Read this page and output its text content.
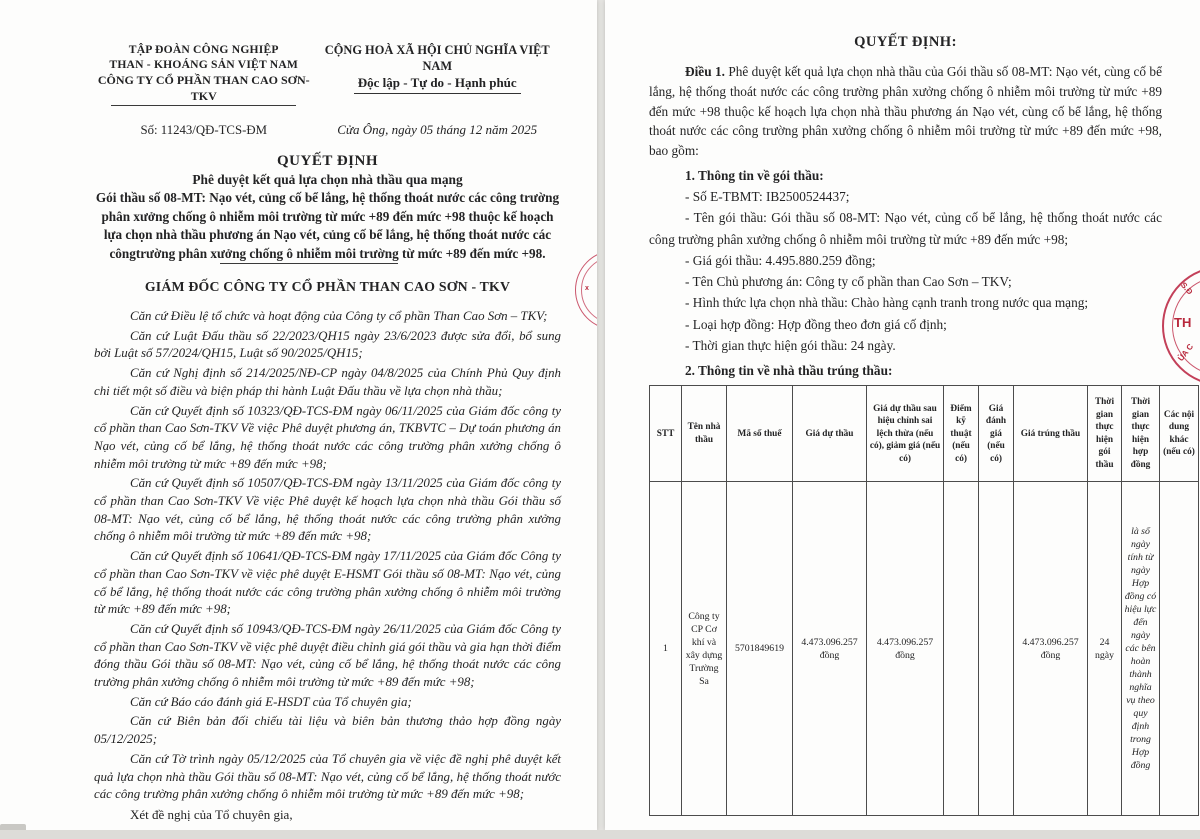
TẬP ĐOÀN CÔNG NGHIỆP
THAN - KHOÁNG SẢN VIỆT NAM
CÔNG TY CỔ PHẦN THAN CAO SƠN-TKV
CỘNG HOÀ XÃ HỘI CHỦ NGHĨA VIỆT NAM
Độc lập - Tự do - Hạnh phúc
Số: 11243/QĐ-TCS-ĐM	Cửa Ông, ngày 05 tháng 12 năm 2025
QUYẾT ĐỊNH
Phê duyệt kết quả lựa chọn nhà thầu qua mạng
Gói thầu số 08-MT: Nạo vét, củng cố bể lắng, hệ thống thoát nước các công trường phân xưởng chống ô nhiễm môi trường từ mức +89 đến mức +98 thuộc kế hoạch lựa chọn nhà thầu phương án Nạo vét, củng cố bể lắng, hệ thống thoát nước các côngtrường phân xưởng chống ô nhiễm môi trường từ mức +89 đến mức +98.
GIÁM ĐỐC CÔNG TY CỔ PHẦN THAN CAO SƠN - TKV

Căn cứ Điều lệ tổ chức và hoạt động của Công ty cổ phần Than Cao Sơn – TKV;

Căn cứ Luật Đấu thầu số 22/2023/QH15 ngày 23/6/2023 được sửa đổi, bổ sung bởi Luật số 57/2024/QH15, Luật số 90/2025/QH15;

Căn cứ Nghị định số 214/2025/NĐ-CP ngày 04/8/2025 của Chính Phủ Quy định chi tiết một số điều và biện pháp thi hành Luật Đấu thầu về lựa chọn nhà thầu;

Căn cứ Quyết định số 10323/QĐ-TCS-ĐM ngày 06/11/2025 của Giám đốc công ty cổ phần than Cao Sơn-TKV Về việc Phê duyệt phương án, TKBVTC – Dự toán phương án Nạo vét, củng cố bể lắng, hệ thống thoát nước các công trường phân xưởng chống ô nhiễm môi trường từ mức +89 đến mức +98;

Căn cứ Quyết định số 10507/QĐ-TCS-ĐM ngày 13/11/2025 của Giám đốc công ty cổ phần than Cao Sơn-TKV Về việc Phê duyệt kế hoạch lựa chọn nhà thầu Gói thầu số 08-MT: Nạo vét, củng cố bể lắng, hệ thống thoát nước các công trường phân xưởng chống ô nhiễm môi trường từ mức +89 đến mức +98;

Căn cứ Quyết định số 10641/QĐ-TCS-ĐM ngày 17/11/2025 của Giám đốc Công ty cổ phần than Cao Sơn-TKV về việc phê duyệt E-HSMT Gói thầu số 08-MT: Nạo vét, củng cố bể lắng, hệ thống thoát nước các công trường phân xưởng chống ô nhiễm môi trường từ mức +89 đến mức +98;

Căn cứ Quyết định số 10943/QĐ-TCS-ĐM ngày 26/11/2025 của Giám đốc Công ty cổ phần than Cao Sơn-TKV về việc phê duyệt điều chỉnh giá gói thầu và gia hạn thời điểm đóng thầu Gói thầu số 08-MT: Nạo vét, củng cố bể lắng, hệ thống thoát nước các công trường phân xưởng chống ô nhiễm môi trường từ mức +89 đến mức +98;

Căn cứ Báo cáo đánh giá E-HSDT của Tổ chuyên gia;

Căn cứ Biên bản đối chiếu tài liệu và biên bản thương thảo hợp đồng ngày 05/12/2025;

Căn cứ Tờ trình ngày 05/12/2025 của Tổ chuyên gia về việc đề nghị phê duyệt kết quả lựa chọn nhà thầu Gói thầu số 08-MT: Nạo vét, củng cố bể lắng, hệ thống thoát nước các công trường phân xưởng chống ô nhiễm môi trường từ mức +89 đến mức +98;

Xét đề nghị của Tổ chuyên gia,

x
QUYẾT ĐỊNH:

Điều 1. Phê duyệt kết quả lựa chọn nhà thầu của Gói thầu số 08-MT: Nạo vét, cùng cố bể lắng, hệ thống thoát nước các công trường phân xưởng chống ô nhiễm môi trường từ mức +89 đến mức +98 thuộc kế hoạch lựa chọn nhà thầu phương án Nạo vét, cùng cố bể lắng, hệ thống thoát nước các công trường phân xưởng chống ô nhiễm môi trường từ mức +89 đến mức +98, bao gồm:

1. Thông tin về gói thầu:

- Số E-TBMT: IB2500524437;

- Tên gói thầu: Gói thầu số 08-MT: Nạo vét, củng cố bể lắng, hệ thống thoát nước các công trường phân xưởng chống ô nhiễm môi trường từ mức +89 đến mức +98;

- Giá gói thầu: 4.495.880.259 đồng;

- Tên Chủ phương án: Công ty cổ phần than Cao Sơn – TKV;

- Hình thức lựa chọn nhà thầu: Chào hàng cạnh tranh trong nước qua mạng;

- Loại hợp đồng: Hợp đồng theo đơn giá cố định;

- Thời gian thực hiện gói thầu: 24 ngày.

2. Thông tin về nhà thầu trúng thầu:

STT	Tên nhà thầu	Mã số thuế	Giá dự thầu	Giá dự thầu sau hiệu chỉnh sai lệch thừa (nếu có), giảm giá (nếu có)	Điểm kỹ thuật (nếu có)	Giá đánh giá (nếu có)	Giá trúng thầu	Thời gian thực hiện gói thầu	Thời gian thực hiện hợp đồng	Các nội dung khác (nếu có)
1	Công ty CP Cơ khí và xây dựng Trường Sa	5701849619	4.473.096.257 đồng	4.473.096.257 đồng			4.473.096.257 đồng	24 ngày	là số ngày tính từ ngày Hợp đồng có hiệu lực đến ngày các bên hoàn thành nghĩa vụ theo quy định trong Hợp đồng	
S.Đ
TH
ỦA C
